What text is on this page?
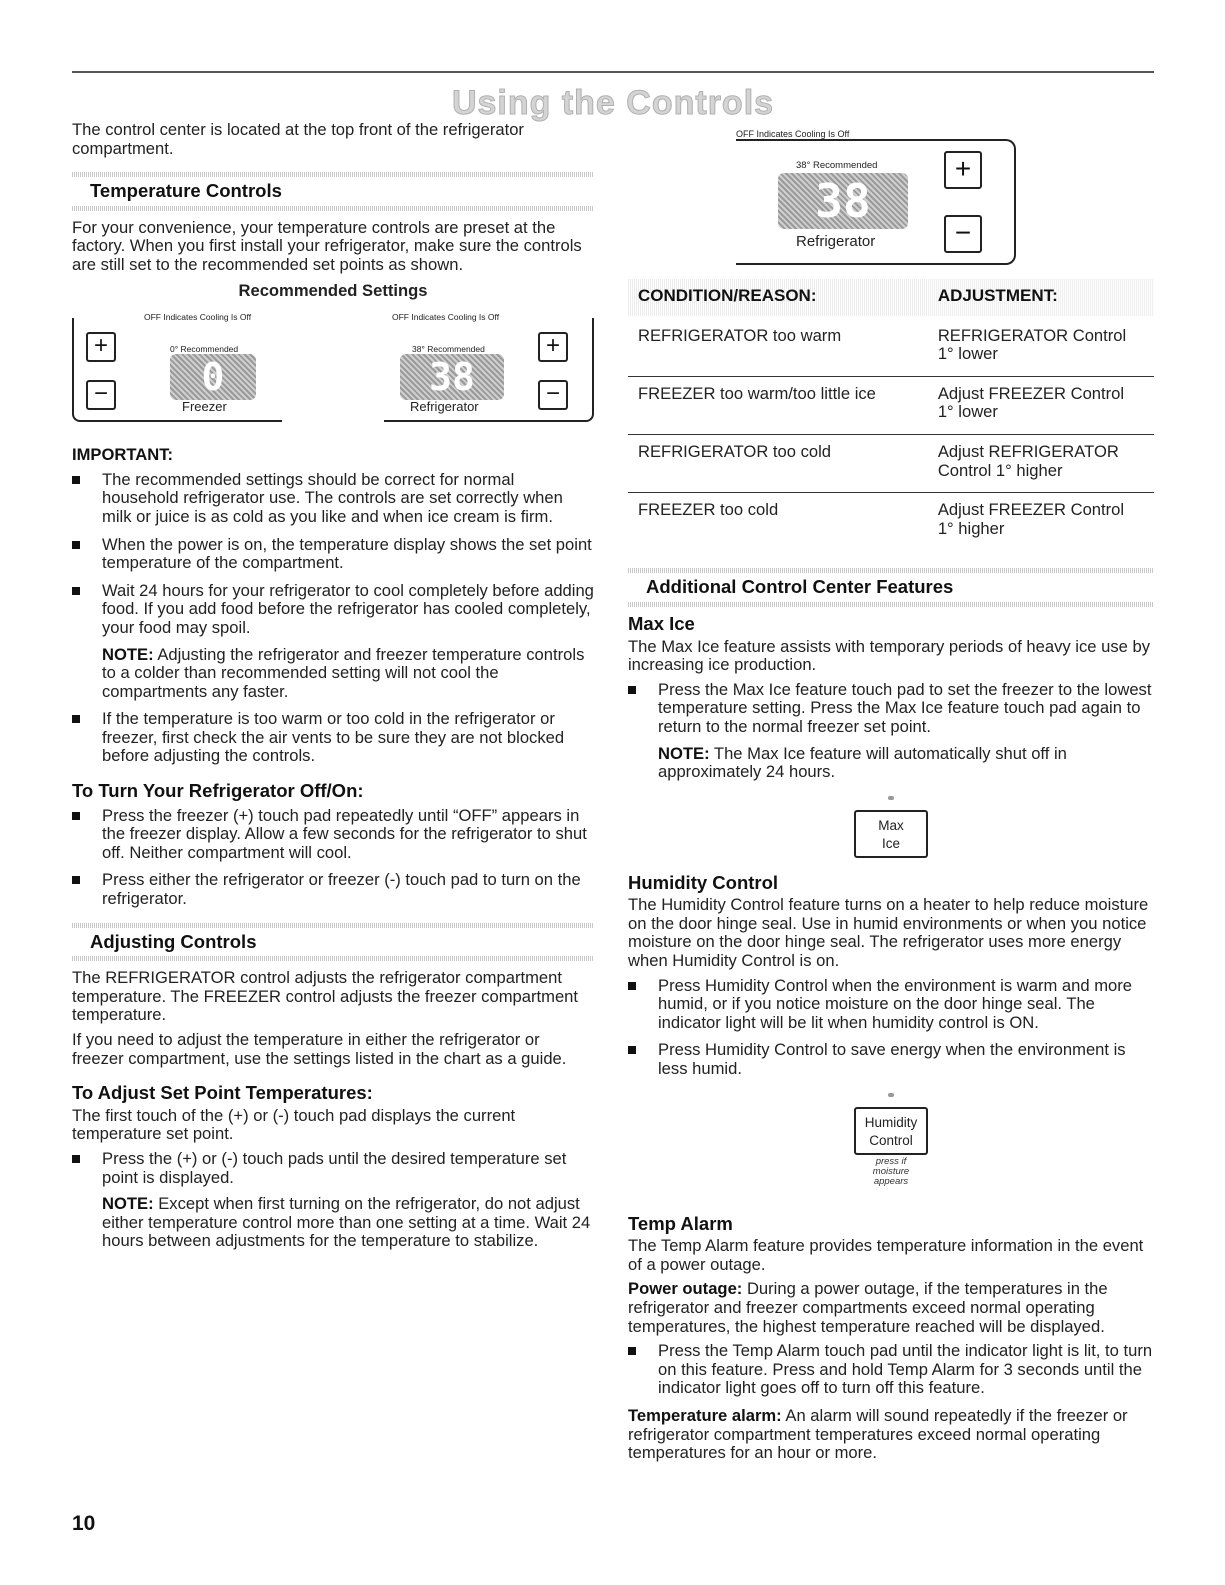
Using the Controls

The control center is located at the top front of the refrigerator compartment.

Temperature Controls

For your convenience, your temperature controls are preset at the factory. When you first install your refrigerator, make sure the controls are still set to the recommended set points as shown.

Recommended Settings
OFF Indicates Cooling Is Off
+
−
0° Recommended
0
Freezer
OFF Indicates Cooling Is Off
38° Recommended
38
Refrigerator
+
−
IMPORTANT:
The recommended settings should be correct for normal household refrigerator use. The controls are set correctly when milk or juice is as cold as you like and when ice cream is firm.
When the power is on, the temperature display shows the set point temperature of the compartment.
Wait 24 hours for your refrigerator to cool completely before adding food. If you add food before the refrigerator has cooled completely, your food may spoil.

NOTE: Adjusting the refrigerator and freezer temperature controls to a colder than recommended setting will not cool the compartments any faster.

If the temperature is too warm or too cold in the refrigerator or freezer, first check the air vents to be sure they are not blocked before adjusting the controls.
To Turn Your Refrigerator Off/On:
Press the freezer (+) touch pad repeatedly until “OFF” appears in the freezer display. Allow a few seconds for the refrigerator to shut off. Neither compartment will cool.
Press either the refrigerator or freezer (-) touch pad to turn on the refrigerator.
Adjusting Controls

The REFRIGERATOR control adjusts the refrigerator compartment temperature. The FREEZER control adjusts the freezer compartment temperature.

If you need to adjust the temperature in either the refrigerator or freezer compartment, use the settings listed in the chart as a guide.

To Adjust Set Point Temperatures:

The first touch of the (+) or (-) touch pad displays the current temperature set point.

Press the (+) or (-) touch pads until the desired temperature set point is displayed.

NOTE: Except when first turning on the refrigerator, do not adjust either temperature control more than one setting at a time. Wait 24 hours between adjustments for the temperature to stabilize.

OFF Indicates Cooling Is Off
38° Recommended
38
Refrigerator
+
−
CONDITION/REASON:	ADJUSTMENT:
REFRIGERATOR too warm	REFRIGERATOR Control 1° lower
FREEZER too warm/too little ice	Adjust FREEZER Control 1° lower
REFRIGERATOR too cold	Adjust REFRIGERATOR Control 1° higher
FREEZER too cold	Adjust FREEZER Control 1° higher
Additional Control Center Features
Max Ice

The Max Ice feature assists with temporary periods of heavy ice use by increasing ice production.

Press the Max Ice feature touch pad to set the freezer to the lowest temperature setting. Press the Max Ice feature touch pad again to return to the normal freezer set point.

NOTE: The Max Ice feature will automatically shut off in approximately 24 hours.

Max
Ice
Humidity Control

The Humidity Control feature turns on a heater to help reduce moisture on the door hinge seal. Use in humid environments or when you notice moisture on the door hinge seal. The refrigerator uses more energy when Humidity Control is on.

Press Humidity Control when the environment is warm and more humid, or if you notice moisture on the door hinge seal. The indicator light will be lit when humidity control is ON.
Press Humidity Control to save energy when the environment is less humid.
Humidity
Control
press if
moisture
appears
Temp Alarm

The Temp Alarm feature provides temperature information in the event of a power outage.

Power outage: During a power outage, if the temperatures in the refrigerator and freezer compartments exceed normal operating temperatures, the highest temperature reached will be displayed.

Press the Temp Alarm touch pad until the indicator light is lit, to turn on this feature. Press and hold Temp Alarm for 3 seconds until the indicator light goes off to turn off this feature.

Temperature alarm: An alarm will sound repeatedly if the freezer or refrigerator compartment temperatures exceed normal operating temperatures for an hour or more.

10
